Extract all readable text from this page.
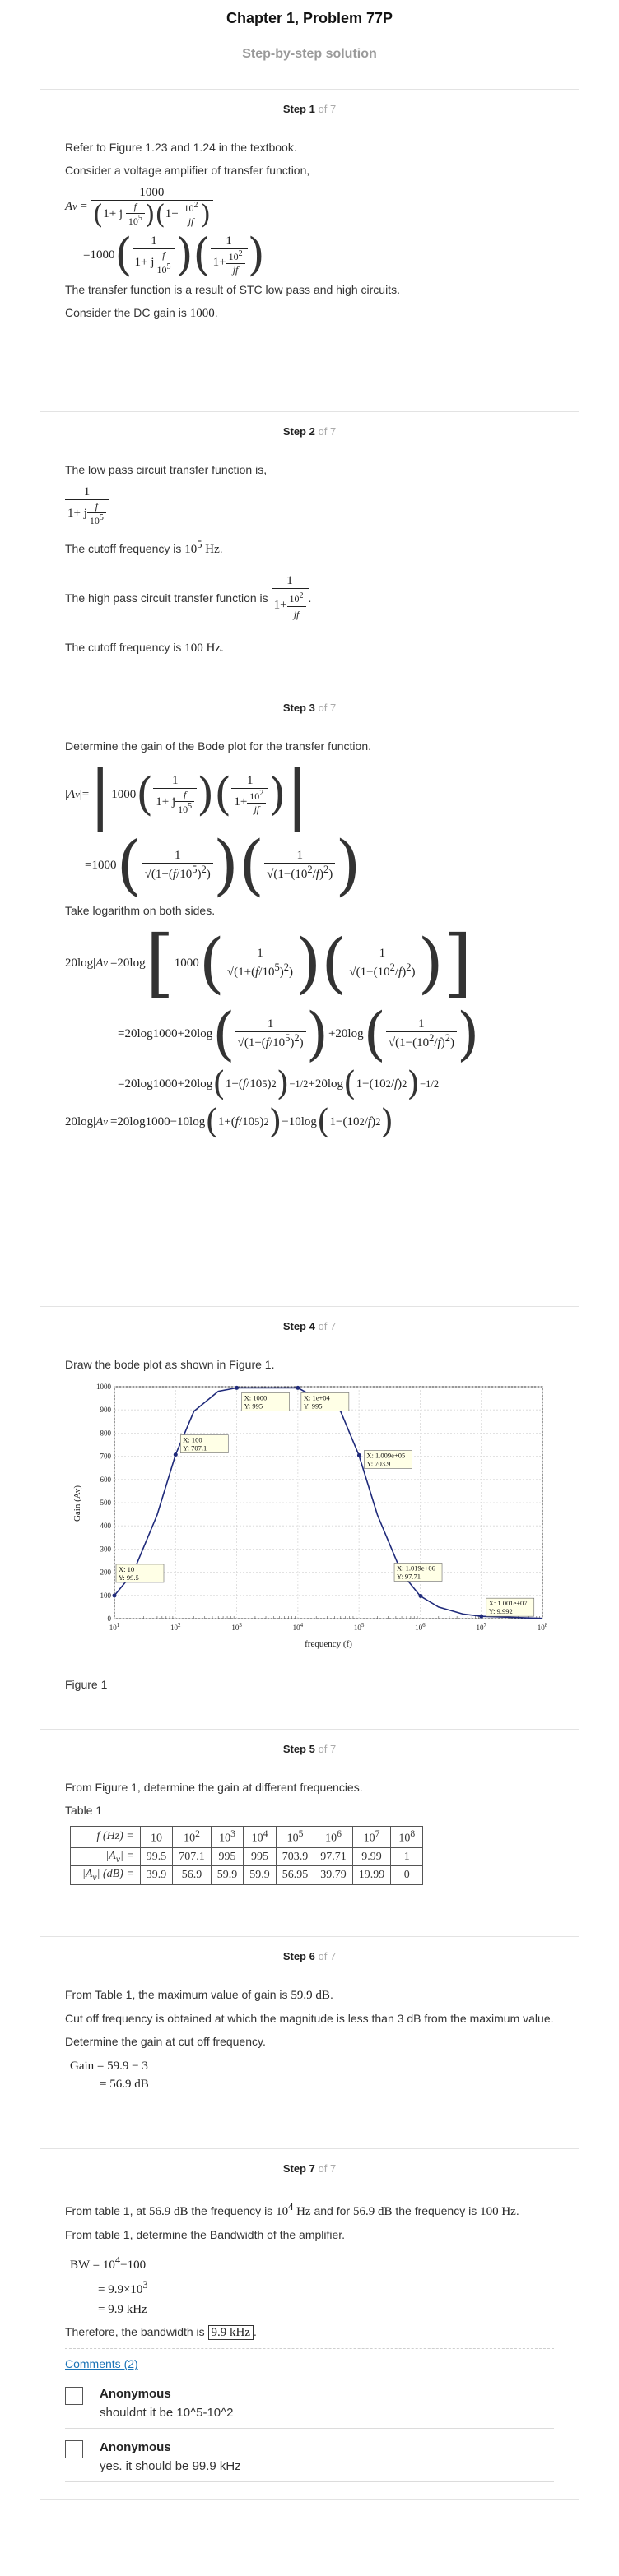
Chapter 1, Problem 77P
Step-by-step solution
Step 1 of 7

Refer to Figure 1.23 and 1.24 in the textbook.

Consider a voltage amplifier of transfer function,

A v
=
$\frac{1000}{(1+ j \frac{f}{10^5} )(1+ \frac{10^2}{jf} )}$
= 1000 ( $\frac{1}{1+ j \frac{f}{10^5}}$ ) ( $\frac{1}{1+ \frac{10^2}{jf}}$ )

The transfer function is a result of STC low pass and high circuits.

Consider the DC gain is 1000.

Step 2 of 7

The low pass circuit transfer function is,

$\frac{1}{1+ j \frac{f}{10^5}}$

The cutoff frequency is $10^5$ Hz.

The high pass circuit transfer function is
$\frac{1}{1+ \frac{10^2}{jf}}$ .

The cutoff frequency is 100 Hz.

Step 3 of 7

Determine the gain of the Bode plot for the transfer function.

| A v | = | 1000 ( $\frac{1}{1+ j \frac{f}{10^5}}$ ) ( $\frac{1}{1+ \frac{10^2}{jf}}$ ) |
= 1000 ( $\frac{1}{√(1+(f/10^5)^2)}$ ) ( $\frac{1}{√(1-(10^2/f)^2)}$ )

Take logarithm on both sides.

20log | A v | = 20log [ 1000 ( $\frac{1}{√(1+(f/10^5)^2)}$ ) ( $\frac{1}{√(1-(10^2/f)^2)}$ ) ]
= 20log1000 + 20log ( $\frac{1}{√(1+(f/10^5)^2)}$ ) + 20log ( $\frac{1}{√(1-(10^2/f)^2)}$ )
= 20log1000 + 20log ( 1+ ( f / 10 5 ) 2 ) −1/2 + 20log ( 1− ( 10 2 / f ) 2 ) −1/2
20log | A v | = 20log1000 − 10log ( 1+ ( f / 10 5 ) 2 ) − 10log ( 1− ( 10 2 / f ) 2 )
Step 4 of 7

Draw the bode plot as shown in Figure 1.

0
100
200
300
400
500
600
700
800
900
1000
$10^1$	$10^2$	$10^3$	$10^4$	$10^5$	$10^6$	$10^7$	$10^8$
X: 10
Y: 99.5
X: 100
Y: 707.1
X: 1000
Y: 995
X: 1e+04
Y: 995
X: 1.009e+05
Y: 703.9
X: 1.019e+06
Y: 97.71
X: 1.001e+07
Y: 9.992
frequency (f)
Gain (Av)

Figure 1

Step 5 of 7

From Figure 1, determine the gain at different frequencies.

Table 1

f (Hz) =	10	$10^2$	$10^3$	$10^4$	$10^5$	$10^6$	$10^7$	$10^8$
$|A_v|$ =	99.5	707.1	995	995	703.9	97.71	9.99	1
$|A_v|$ (dB) =	39.9	56.9	59.9	59.9	56.95	39.79	19.99	0
Step 6 of 7

From Table 1, the maximum value of gain is 59.9 dB.

Cut off frequency is obtained at which the magnitude is less than 3 dB from the maximum value.

Determine the gain at cut off frequency.

Gain = 59.9 − 3
= 56.9 dB
Step 7 of 7

From table 1, at 56.9 dB the frequency is $10^4$ Hz and for 56.9 dB the frequency is 100 Hz.

From table 1, determine the Bandwidth of the amplifier.

BW = $10^4-100$
= $9.9\times 10^3$
= 9.9 kHz

Therefore, the bandwidth is 9.9 kHz .

Comments (2)
Anonymous
shouldnt it be 10^5-10^2
Anonymous
yes. it should be 99.9 kHz
